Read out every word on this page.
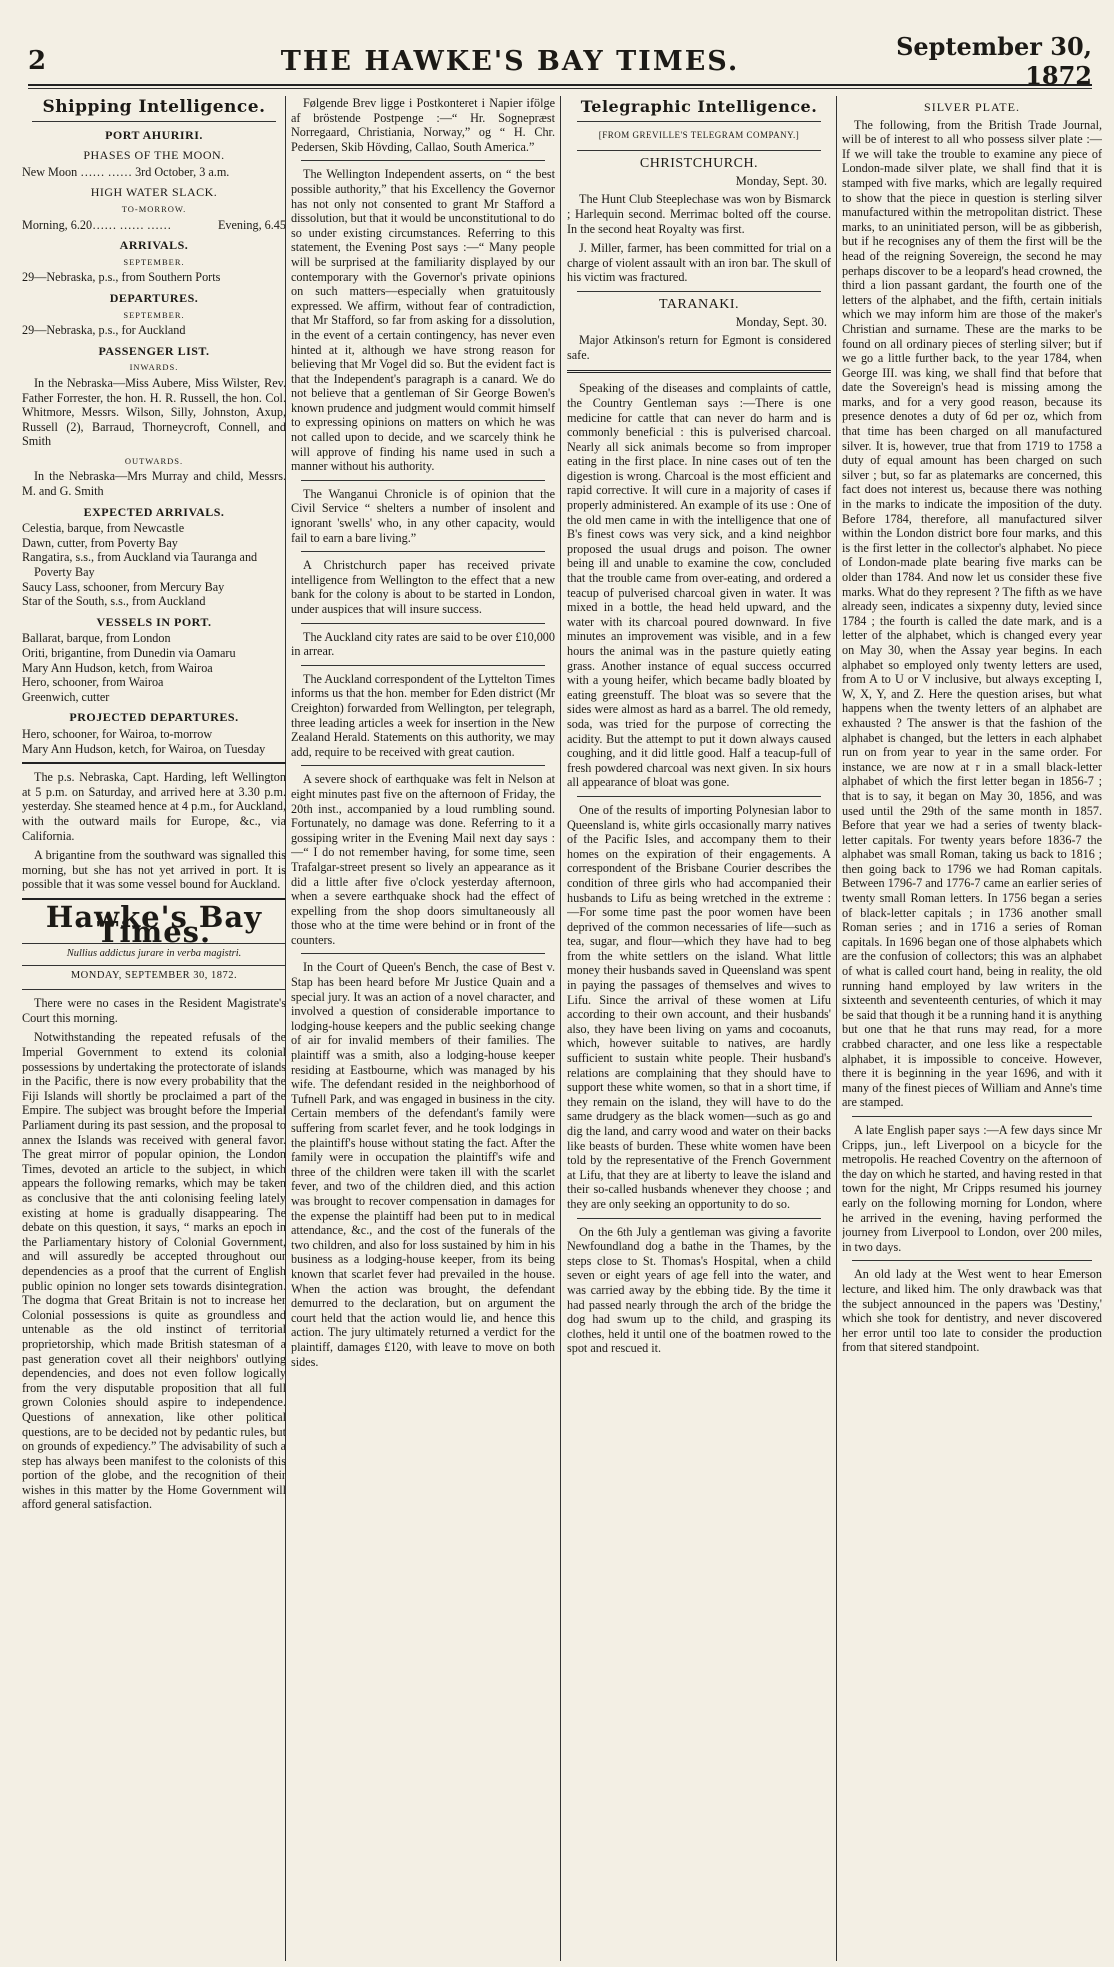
2	THE HAWKE'S BAY TIMES.	September 30, 1872
Shipping Intelligence.
PORT AHURIRI.
PHASES OF THE MOON.
New Moon …… …… 3rd October, 3 a.m.
HIGH WATER SLACK.
TO-MORROW.
Morning, 6.20…… …… ……	Evening, 6.45
ARRIVALS.
SEPTEMBER.
29—Nebraska, p.s., from Southern Ports
DEPARTURES.
SEPTEMBER.
29—Nebraska, p.s., for Auckland
PASSENGER LIST.
INWARDS.

In the Nebraska—Miss Aubere, Miss Wilster, Rev. Father Forrester, the hon. H. R. Russell, the hon. Col. Whitmore, Messrs. Wilson, Silly, Johnston, Axup, Russell (2), Barraud, Thorneycroft, Connell, and Smith

OUTWARDS.

In the Nebraska—Mrs Murray and child, Messrs. M. and G. Smith

EXPECTED ARRIVALS.
Celestia, barque, from Newcastle
Dawn, cutter, from Poverty Bay
Rangatira, s.s., from Auckland via Tauranga and Poverty Bay
Saucy Lass, schooner, from Mercury Bay
Star of the South, s.s., from Auckland
VESSELS IN PORT.
Ballarat, barque, from London
Oriti, brigantine, from Dunedin via Oamaru
Mary Ann Hudson, ketch, from Wairoa
Hero, schooner, from Wairoa
Greenwich, cutter
PROJECTED DEPARTURES.
Hero, schooner, for Wairoa, to-morrow
Mary Ann Hudson, ketch, for Wairoa, on Tuesday

The p.s. Nebraska, Capt. Harding, left Wellington at 5 p.m. on Saturday, and arrived here at 3.30 p.m. yesterday. She steamed hence at 4 p.m., for Auckland, with the outward mails for Europe, &c., via California.

A brigantine from the southward was signalled this morning, but she has not yet arrived in port. It is possible that it was some vessel bound for Auckland.

Hawke's Bay Times.
Nullius addictus jurare in verba magistri.
MONDAY, SEPTEMBER 30, 1872.

There were no cases in the Resident Magistrate's Court this morning.

Notwithstanding the repeated refusals of the Imperial Government to extend its colonial possessions by undertaking the protectorate of islands in the Pacific, there is now every probability that the Fiji Islands will shortly be proclaimed a part of the Empire. The subject was brought before the Imperial Parliament during its past session, and the proposal to annex the Islands was received with general favor. The great mirror of popular opinion, the London Times, devoted an article to the subject, in which appears the following remarks, which may be taken as conclusive that the anti colonising feeling lately existing at home is gradually disappearing. The debate on this question, it says, “ marks an epoch in the Parliamentary history of Colonial Government, and will assuredly be accepted throughout our dependencies as a proof that the current of English public opinion no longer sets towards disintegration. The dogma that Great Britain is not to increase her Colonial possessions is quite as groundless and untenable as the old instinct of territorial proprietorship, which made British statesman of a past generation covet all their neighbors' outlying dependencies, and does not even follow logically from the very disputable proposition that all full grown Colonies should aspire to independence. Questions of annexation, like other political questions, are to be decided not by pedantic rules, but on grounds of expediency.” The advisability of such a step has always been manifest to the colonists of this portion of the globe, and the recognition of their wishes in this matter by the Home Government will afford general satisfaction.

Følgende Brev ligge i Postkonteret i Napier ifölge af bröstende Postpenge :—“ Hr. Sognepræst Norregaard, Christiania, Norway,” og “ H. Chr. Pedersen, Skib Hövding, Callao, South America.”

The Wellington Independent asserts, on “ the best possible authority,” that his Excellency the Governor has not only not consented to grant Mr Stafford a dissolution, but that it would be unconstitutional to do so under existing circumstances. Referring to this statement, the Evening Post says :—“ Many people will be surprised at the familiarity displayed by our contemporary with the Governor's private opinions on such matters—especially when gratuitously expressed. We affirm, without fear of contradiction, that Mr Stafford, so far from asking for a dissolution, in the event of a certain contingency, has never even hinted at it, although we have strong reason for believing that Mr Vogel did so. But the evident fact is that the Independent's paragraph is a canard. We do not believe that a gentleman of Sir George Bowen's known prudence and judgment would commit himself to expressing opinions on matters on which he was not called upon to decide, and we scarcely think he will approve of finding his name used in such a manner without his authority.

The Wanganui Chronicle is of opinion that the Civil Service “ shelters a number of insolent and ignorant 'swells' who, in any other capacity, would fail to earn a bare living.”

A Christchurch paper has received private intelligence from Wellington to the effect that a new bank for the colony is about to be started in London, under auspices that will insure success.

The Auckland city rates are said to be over £10,000 in arrear.

The Auckland correspondent of the Lyttelton Times informs us that the hon. member for Eden district (Mr Creighton) forwarded from Wellington, per telegraph, three leading articles a week for insertion in the New Zealand Herald. Statements on this authority, we may add, require to be received with great caution.

A severe shock of earthquake was felt in Nelson at eight minutes past five on the afternoon of Friday, the 20th inst., accompanied by a loud rumbling sound. Fortunately, no damage was done. Referring to it a gossiping writer in the Evening Mail next day says :—“ I do not remember having, for some time, seen Trafalgar-street present so lively an appearance as it did a little after five o'clock yesterday afternoon, when a severe earthquake shock had the effect of expelling from the shop doors simultaneously all those who at the time were behind or in front of the counters.

In the Court of Queen's Bench, the case of Best v. Stap has been heard before Mr Justice Quain and a special jury. It was an action of a novel character, and involved a question of considerable importance to lodging-house keepers and the public seeking change of air for invalid members of their families. The plaintiff was a smith, also a lodging-house keeper residing at Eastbourne, which was managed by his wife. The defendant resided in the neighborhood of Tufnell Park, and was engaged in business in the city. Certain members of the defendant's family were suffering from scarlet fever, and he took lodgings in the plaintiff's house without stating the fact. After the family were in occupation the plaintiff's wife and three of the children were taken ill with the scarlet fever, and two of the children died, and this action was brought to recover compensation in damages for the expense the plaintiff had been put to in medical attendance, &c., and the cost of the funerals of the two children, and also for loss sustained by him in his business as a lodging-house keeper, from its being known that scarlet fever had prevailed in the house. When the action was brought, the defendant demurred to the declaration, but on argument the court held that the action would lie, and hence this action. The jury ultimately returned a verdict for the plaintiff, damages £120, with leave to move on both sides.

Telegraphic Intelligence.
[FROM GREVILLE'S TELEGRAM COMPANY.]
CHRISTCHURCH.
Monday, Sept. 30.

The Hunt Club Steeplechase was won by Bismarck ; Harlequin second. Merrimac bolted off the course. In the second heat Royalty was first.

J. Miller, farmer, has been committed for trial on a charge of violent assault with an iron bar. The skull of his victim was fractured.

TARANAKI.
Monday, Sept. 30.

Major Atkinson's return for Egmont is considered safe.

Speaking of the diseases and complaints of cattle, the Country Gentleman says :—There is one medicine for cattle that can never do harm and is commonly beneficial : this is pulverised charcoal. Nearly all sick animals become so from improper eating in the first place. In nine cases out of ten the digestion is wrong. Charcoal is the most efficient and rapid corrective. It will cure in a majority of cases if properly administered. An example of its use : One of the old men came in with the intelligence that one of B's finest cows was very sick, and a kind neighbor proposed the usual drugs and poison. The owner being ill and unable to examine the cow, concluded that the trouble came from over-eating, and ordered a teacup of pulverised charcoal given in water. It was mixed in a bottle, the head held upward, and the water with its charcoal poured downward. In five minutes an improvement was visible, and in a few hours the animal was in the pasture quietly eating grass. Another instance of equal success occurred with a young heifer, which became badly bloated by eating greenstuff. The bloat was so severe that the sides were almost as hard as a barrel. The old remedy, soda, was tried for the purpose of correcting the acidity. But the attempt to put it down always caused coughing, and it did little good. Half a teacup-full of fresh powdered charcoal was next given. In six hours all appearance of bloat was gone.

One of the results of importing Polynesian labor to Queensland is, white girls occasionally marry natives of the Pacific Isles, and accompany them to their homes on the expiration of their engagements. A correspondent of the Brisbane Courier describes the condition of three girls who had accompanied their husbands to Lifu as being wretched in the extreme :—For some time past the poor women have been deprived of the common necessaries of life—such as tea, sugar, and flour—which they have had to beg from the white settlers on the island. What little money their husbands saved in Queensland was spent in paying the passages of themselves and wives to Lifu. Since the arrival of these women at Lifu according to their own account, and their husbands' also, they have been living on yams and cocoanuts, which, however suitable to natives, are hardly sufficient to sustain white people. Their husband's relations are complaining that they should have to support these white women, so that in a short time, if they remain on the island, they will have to do the same drudgery as the black women—such as go and dig the land, and carry wood and water on their backs like beasts of burden. These white women have been told by the representative of the French Government at Lifu, that they are at liberty to leave the island and their so-called husbands whenever they choose ; and they are only seeking an opportunity to do so.

On the 6th July a gentleman was giving a favorite Newfoundland dog a bathe in the Thames, by the steps close to St. Thomas's Hospital, when a child seven or eight years of age fell into the water, and was carried away by the ebbing tide. By the time it had passed nearly through the arch of the bridge the dog had swum up to the child, and grasping its clothes, held it until one of the boatmen rowed to the spot and rescued it.

SILVER PLATE.

The following, from the British Trade Journal, will be of interest to all who possess silver plate :—If we will take the trouble to examine any piece of London-made silver plate, we shall find that it is stamped with five marks, which are legally required to show that the piece in question is sterling silver manufactured within the metropolitan district. These marks, to an uninitiated person, will be as gibberish, but if he recognises any of them the first will be the head of the reigning Sovereign, the second he may perhaps discover to be a leopard's head crowned, the third a lion passant gardant, the fourth one of the letters of the alphabet, and the fifth, certain initials which we may inform him are those of the maker's Christian and surname. These are the marks to be found on all ordinary pieces of sterling silver; but if we go a little further back, to the year 1784, when George III. was king, we shall find that before that date the Sovereign's head is missing among the marks, and for a very good reason, because its presence denotes a duty of 6d per oz, which from that time has been charged on all manufactured silver. It is, however, true that from 1719 to 1758 a duty of equal amount has been charged on such silver ; but, so far as platemarks are concerned, this fact does not interest us, because there was nothing in the marks to indicate the imposition of the duty. Before 1784, therefore, all manufactured silver within the London district bore four marks, and this is the first letter in the collector's alphabet. No piece of London-made plate bearing five marks can be older than 1784. And now let us consider these five marks. What do they represent ? The fifth as we have already seen, indicates a sixpenny duty, levied since 1784 ; the fourth is called the date mark, and is a letter of the alphabet, which is changed every year on May 30, when the Assay year begins. In each alphabet so employed only twenty letters are used, from A to U or V inclusive, but always excepting I, W, X, Y, and Z. Here the question arises, but what happens when the twenty letters of an alphabet are exhausted ? The answer is that the fashion of the alphabet is changed, but the letters in each alphabet run on from year to year in the same order. For instance, we are now at r in a small black-letter alphabet of which the first letter began in 1856-7 ; that is to say, it began on May 30, 1856, and was used until the 29th of the same month in 1857. Before that year we had a series of twenty black-letter capitals. For twenty years before 1836-7 the alphabet was small Roman, taking us back to 1816 ; then going back to 1796 we had Roman capitals. Between 1796-7 and 1776-7 came an earlier series of twenty small Roman letters. In 1756 began a series of black-letter capitals ; in 1736 another small Roman series ; and in 1716 a series of Roman capitals. In 1696 began one of those alphabets which are the confusion of collectors; this was an alphabet of what is called court hand, being in reality, the old running hand employed by law writers in the sixteenth and seventeenth centuries, of which it may be said that though it be a running hand it is anything but one that he that runs may read, for a more crabbed character, and one less like a respectable alphabet, it is impossible to conceive. However, there it is beginning in the year 1696, and with it many of the finest pieces of William and Anne's time are stamped.

A late English paper says :—A few days since Mr Cripps, jun., left Liverpool on a bicycle for the metropolis. He reached Coventry on the afternoon of the day on which he started, and having rested in that town for the night, Mr Cripps resumed his journey early on the following morning for London, where he arrived in the evening, having performed the journey from Liverpool to London, over 200 miles, in two days.

An old lady at the West went to hear Emerson lecture, and liked him. The only drawback was that the subject announced in the papers was 'Destiny,' which she took for dentistry, and never discovered her error until too late to consider the production from that sitered standpoint.
